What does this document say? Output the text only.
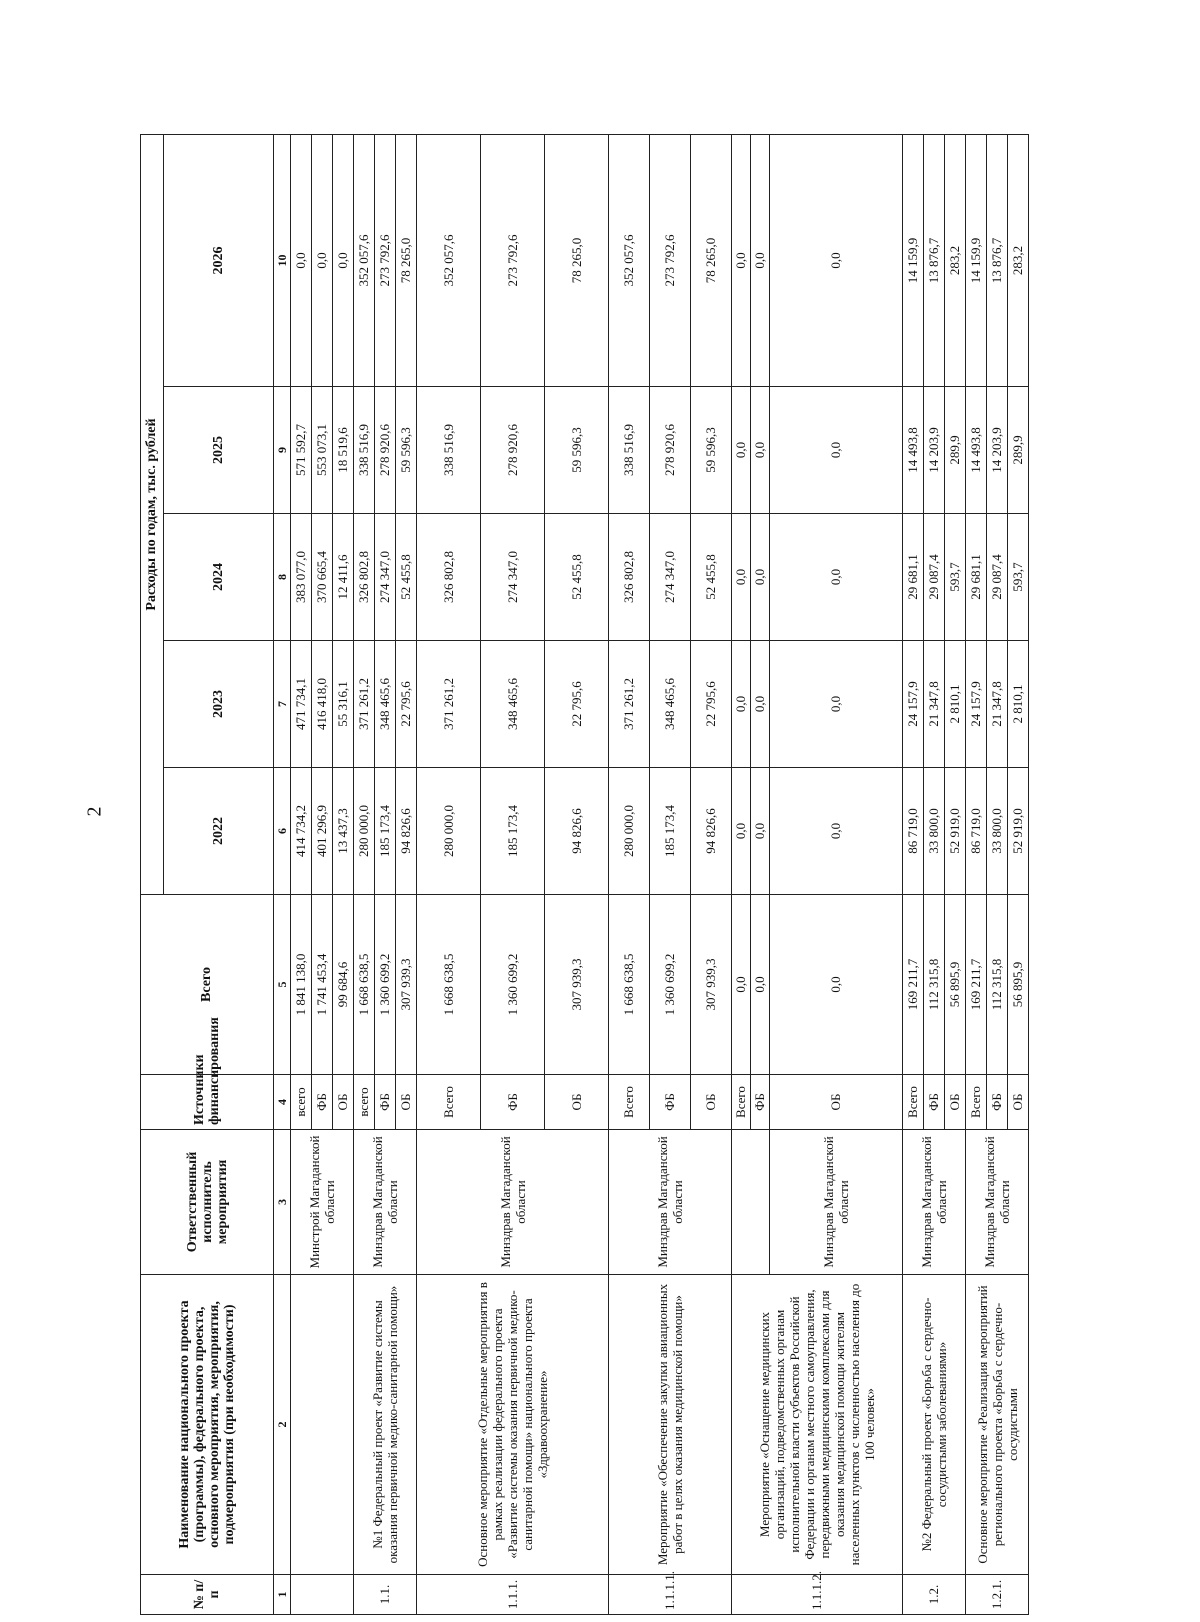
2
№ п/п	Наименование национального проекта (программы), федерального проекта, основного мероприятия, мероприятия, подмероприятия (при необходимости)	Ответственный исполнитель мероприятия	Источники финансирования	Всего	Расходы по годам, тыс. рублей				
					2022	2023	2024	2025	2026
1	2	3	4	5	6	7	8	9	10
		Минстрой Магаданской области	всего	1 841 138,0	414 734,2	471 734,1	383 077,0	571 592,7	0,0
			ФБ	1 741 453,4	401 296,9	416 418,0	370 665,4	553 073,1	0,0
			ОБ	99 684,6	13 437,3	55 316,1	12 411,6	18 519,6	0,0
1.1.	№1 Федеральный проект «Развитие системы оказания первичной медико-санитарной помощи»	Минздрав Магаданской области	всего	1 668 638,5	280 000,0	371 261,2	326 802,8	338 516,9	352 057,6
			ФБ	1 360 699,2	185 173,4	348 465,6	274 347,0	278 920,6	273 792,6
			ОБ	307 939,3	94 826,6	22 795,6	52 455,8	59 596,3	78 265,0
1.1.1.	Основное мероприятие «Отдельные мероприятия в рамках реализации федерального проекта «Развитие системы оказания первичной медико-санитарной помощи» национального проекта «Здравоохранение»	Минздрав Магаданской области	Всего	1 668 638,5	280 000,0	371 261,2	326 802,8	338 516,9	352 057,6
			ФБ	1 360 699,2	185 173,4	348 465,6	274 347,0	278 920,6	273 792,6
			ОБ	307 939,3	94 826,6	22 795,6	52 455,8	59 596,3	78 265,0
1.1.1.1.	Мероприятие «Обеспечение закупки авиационных работ в целях оказания медицинской помощи»	Минздрав Магаданской области	Всего	1 668 638,5	280 000,0	371 261,2	326 802,8	338 516,9	352 057,6
			ФБ	1 360 699,2	185 173,4	348 465,6	274 347,0	278 920,6	273 792,6
			ОБ	307 939,3	94 826,6	22 795,6	52 455,8	59 596,3	78 265,0
1.1.1.2.	Мероприятие «Оснащение медицинских организаций, подведомственных органам исполнительной власти субъектов Российской Федерации и органам местного самоуправления, передвижными медицинскими комплексами для оказания медицинской помощи жителям населенных пунктов с численностью населения до 100 человек»		Всего	0,0	0,0	0,0	0,0	0,0	0,0
			ФБ	0,0	0,0	0,0	0,0	0,0	0,0
		Минздрав Магаданской области	ОБ	0,0	0,0	0,0	0,0	0,0	0,0
1.2.	№2 Федеральный проект «Борьба с сердечно-сосудистыми заболеваниями»	Минздрав Магаданской области	Всего	169 211,7	86 719,0	24 157,9	29 681,1	14 493,8	14 159,9
			ФБ	112 315,8	33 800,0	21 347,8	29 087,4	14 203,9	13 876,7
			ОБ	56 895,9	52 919,0	2 810,1	593,7	289,9	283,2
1.2.1.	Основное мероприятие «Реализация мероприятий регионального проекта «Борьба с сердечно-сосудистыми	Минздрав Магаданской области	Всего	169 211,7	86 719,0	24 157,9	29 681,1	14 493,8	14 159,9
			ФБ	112 315,8	33 800,0	21 347,8	29 087,4	14 203,9	13 876,7
			ОБ	56 895,9	52 919,0	2 810,1	593,7	289,9	283,2
